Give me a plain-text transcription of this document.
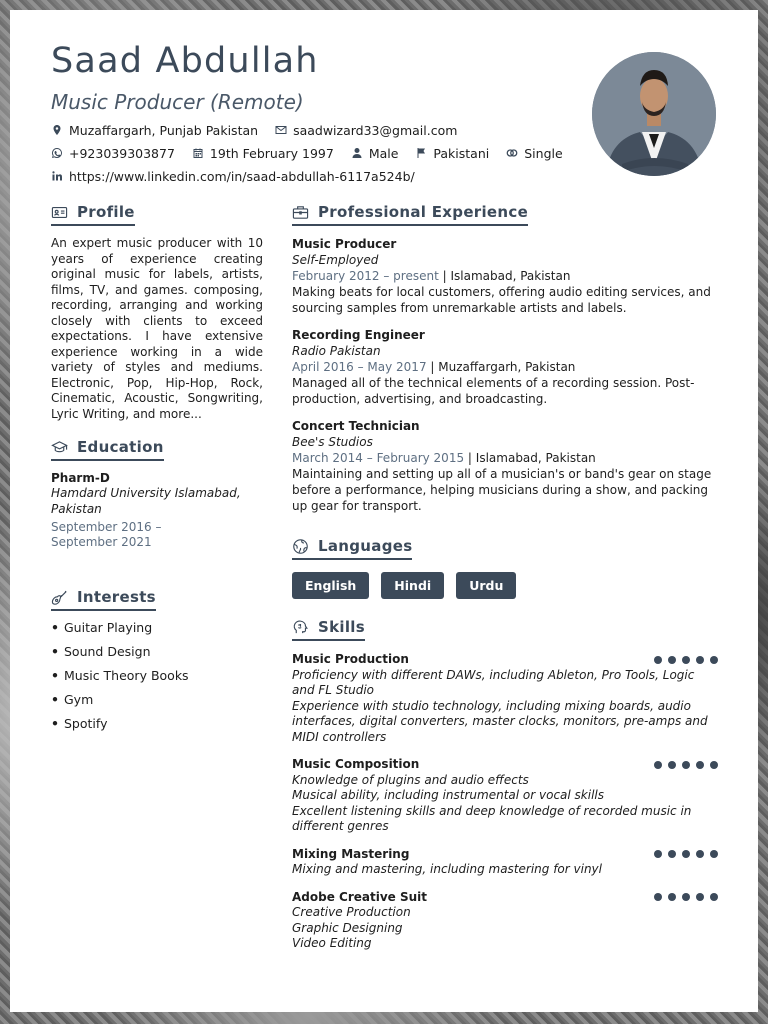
Saad Abdullah
Music Producer (Remote)
Muzaffargarh, Punjab Pakistan	saadwizard33@gmail.com
+923039303877	19th February 1997	Male	Pakistani	Single
https://www.linkedin.com/in/saad-abdullah-6117a524b/
Profile
An expert music producer with 10 years of experience creating original music for labels, artists, films, TV, and games. composing, recording, arranging and working closely with clients to exceed expectations. I have extensive experience working in a wide variety of styles and mediums. Electronic, Pop, Hip-Hop, Rock, Cinematic, Acoustic, Songwriting, Lyric Writing, and more...
Education
Pharm-D
Hamdard University Islamabad, Pakistan
September 2016 – September 2021
Interests
• Guitar Playing
• Sound Design
• Music Theory Books
• Gym
• Spotify
Professional Experience
Music Producer
Self-Employed
February 2012 – present | Islamabad, Pakistan
Making beats for local customers, offering audio editing services, and sourcing samples from unremarkable artists and labels.
Recording Engineer
Radio Pakistan
April 2016 – May 2017 | Muzaffargarh, Pakistan
Managed all of the technical elements of a recording session. Post-production, advertising, and broadcasting.
Concert Technician
Bee's Studios
March 2014 – February 2015 | Islamabad, Pakistan
Maintaining and setting up all of a musician's or band's gear on stage before a performance, helping musicians during a show, and packing up gear for transport.
Languages
English	Hindi	Urdu
Skills
Music Production
Proficiency with different DAWs, including Ableton, Pro Tools, Logic and FL Studio
Experience with studio technology, including mixing boards, audio interfaces, digital converters, master clocks, monitors, pre-amps and MIDI controllers
Music Composition
Knowledge of plugins and audio effects
Musical ability, including instrumental or vocal skills
Excellent listening skills and deep knowledge of recorded music in different genres
Mixing Mastering
Mixing and mastering, including mastering for vinyl
Adobe Creative Suit
Creative Production
Graphic Designing
Video Editing
